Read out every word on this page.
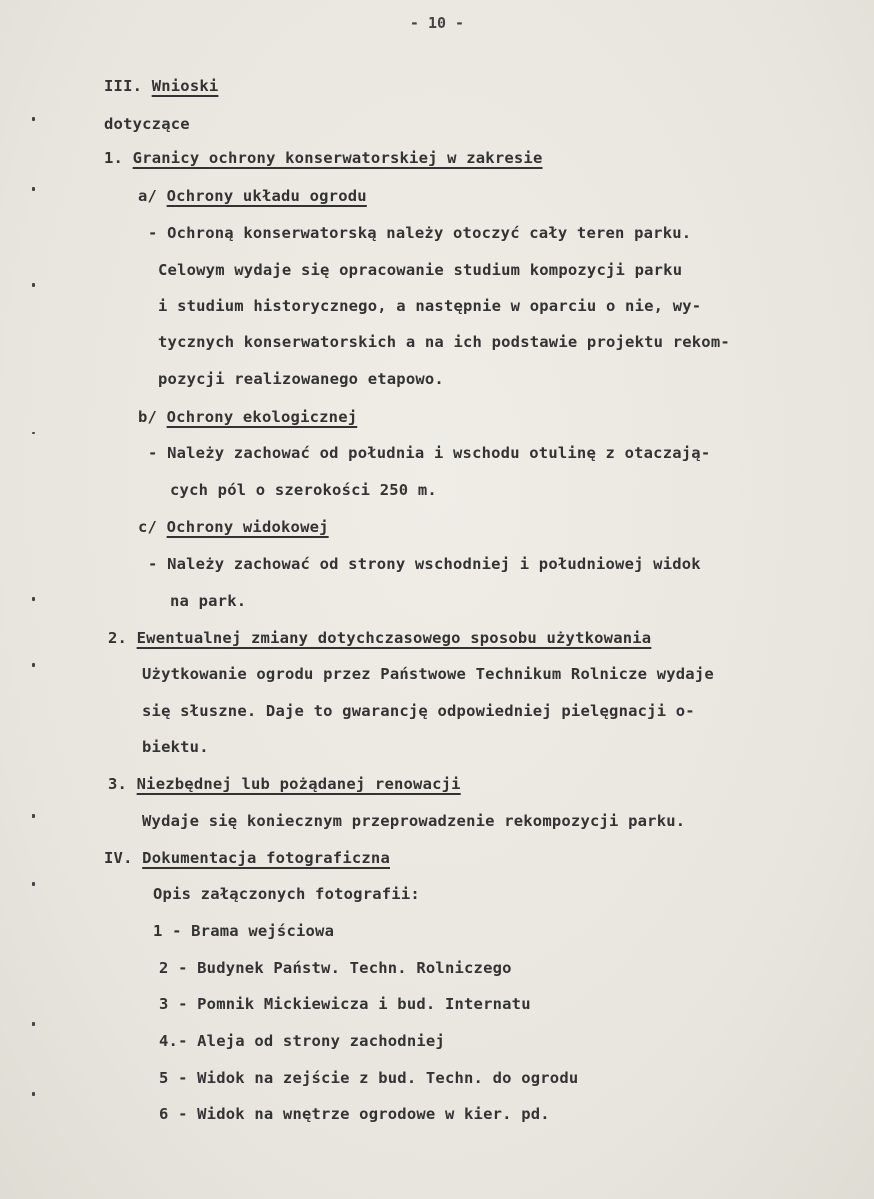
- 10 -
III. Wnioski
dotyczące
1. Granicy ochrony konserwatorskiej w zakresie
a/ Ochrony układu ogrodu
- Ochroną konserwatorską należy otoczyć cały teren parku.
Celowym wydaje się opracowanie studium kompozycji parku
i studium historycznego, a następnie w oparciu o nie, wy-
tycznych konserwatorskich a na ich podstawie projektu rekom-
pozycji realizowanego etapowo.
b/ Ochrony ekologicznej
- Należy zachować od południa i wschodu otulinę z otaczają-
cych pól o szerokości 250 m.
c/ Ochrony widokowej
- Należy zachować od strony wschodniej i południowej widok
na park.
2. Ewentualnej zmiany dotychczasowego sposobu użytkowania
Użytkowanie ogrodu przez Państwowe Technikum Rolnicze wydaje
się słuszne. Daje to gwarancję odpowiedniej pielęgnacji o-
biektu.
3. Niezbędnej lub pożądanej renowacji
Wydaje się koniecznym przeprowadzenie rekompozycji parku.
IV. Dokumentacja fotograficzna
Opis załączonych fotografii:
1 - Brama wejściowa
2 - Budynek Państw. Techn. Rolniczego
3 - Pomnik Mickiewicza i bud. Internatu
4.- Aleja od strony zachodniej
5 - Widok na zejście z bud. Techn. do ogrodu
6 - Widok na wnętrze ogrodowe w kier. pd.
